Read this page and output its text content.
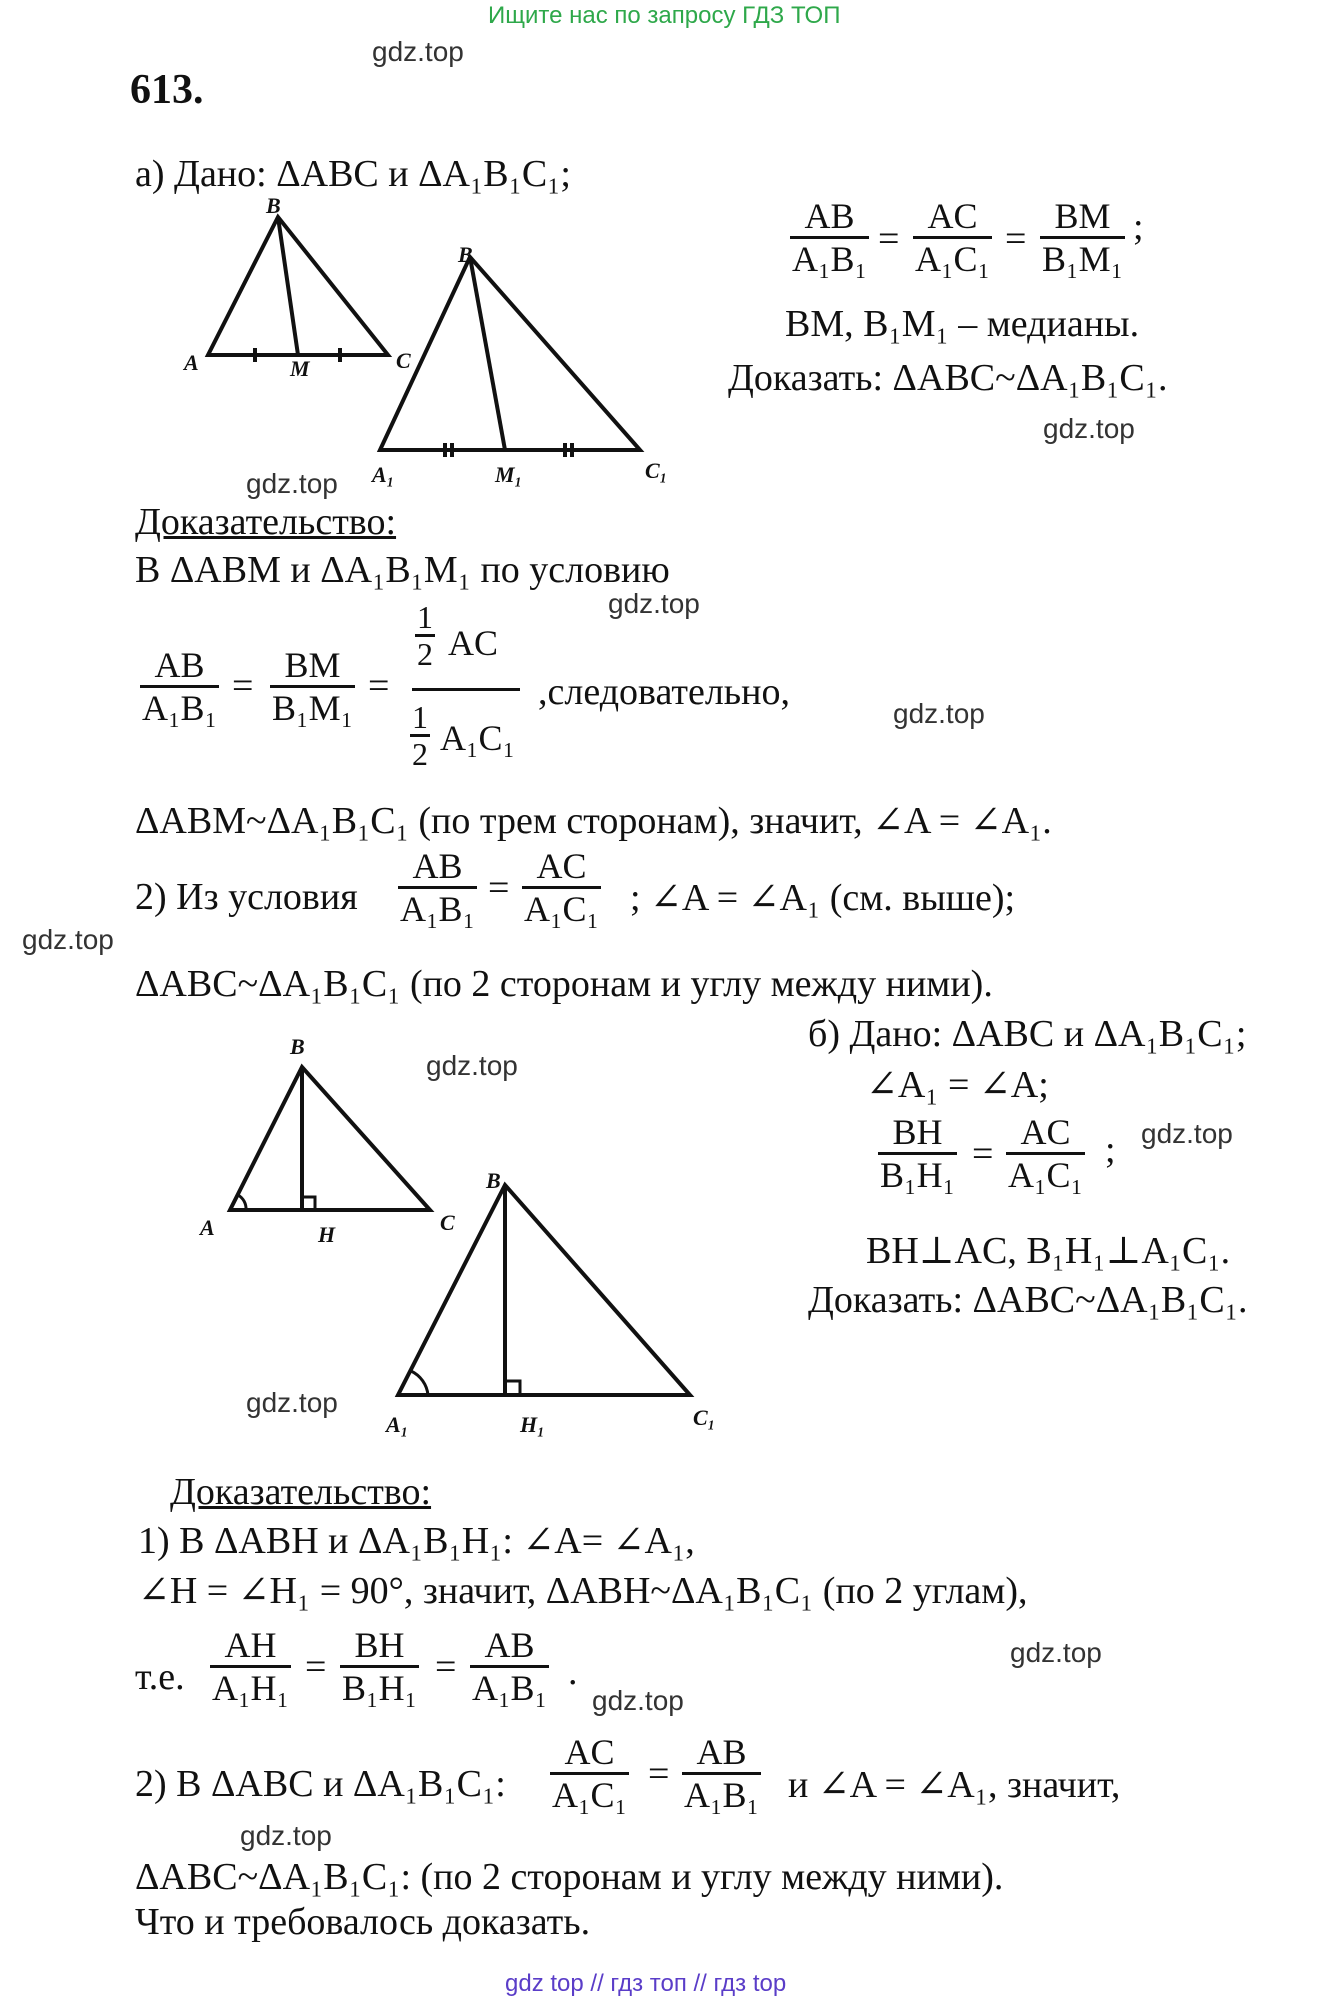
Ищите нас по запросу ГДЗ ТОП
gdz.top
gdz.top
gdz.top
gdz.top
gdz.top
gdz.top
gdz.top
gdz.top
gdz.top
gdz.top
gdz.top
gdz.top
613.
а) Дано: ΔABC и ΔA₁B₁C₁;
B
A	M	C
B
A₁	M₁	C₁
$\frac{AB}{\text{A₁B₁}} = \frac{AC}{\text{A₁C₁}} = \frac{BM}{\text{B₁M₁}}$ ;
BM, B₁M₁ – медианы.
Доказать: ΔABC~ΔA₁B₁C₁.
Доказательство:
В ΔABM и ΔA₁B₁M₁ по условию
$\frac{AB}{\text{A₁B₁}} = \frac{BM}{\text{B₁M₁}}$ =
$\frac{1}{2}$ AC
$\frac{1}{2} A_1C_1$
,следовательно,
ΔABM~ΔA₁B₁C₁ (по трем сторонам), значит, ∠A = ∠A₁.
2) Из условия $\frac{AB}{\text{A₁B₁}} = \frac{AC}{\text{A₁C₁}}$ ; ∠A = ∠A₁ (см. выше);
ΔABC~ΔA₁B₁C₁ (по 2 сторонам и углу между ними).
б) Дано: ΔABC и ΔA₁B₁C₁;
∠A₁ = ∠A;
$\frac{BH}{\text{B₁H₁}} = \frac{AC}{\text{A₁C₁}}$ ;
BH⊥AC, B₁H₁⊥A₁C₁.
Доказать: ΔABC~ΔA₁B₁C₁.
B
A	H	C
B
A₁	H₁	C₁
Доказательство:
1) В ΔABH и ΔA₁B₁H₁: ∠A= ∠A₁,
∠H = ∠H₁ = 90°, значит, ΔABH~ΔA₁B₁C₁ (по 2 углам),
т.е. $\frac{AH}{\text{A₁H₁}} = \frac{BH}{\text{B₁H₁}} = \frac{AB}{\text{A₁B₁}}$ .
2) В ΔABC и ΔA₁B₁C₁: $\frac{AC}{\text{A₁C₁}} = \frac{AB}{\text{A₁B₁}}$ и ∠A = ∠A₁, значит,
ΔABC~ΔA₁B₁C₁: (по 2 сторонам и углу между ними).
Что и требовалось доказать.
gdz top // гдз топ // гдз top
